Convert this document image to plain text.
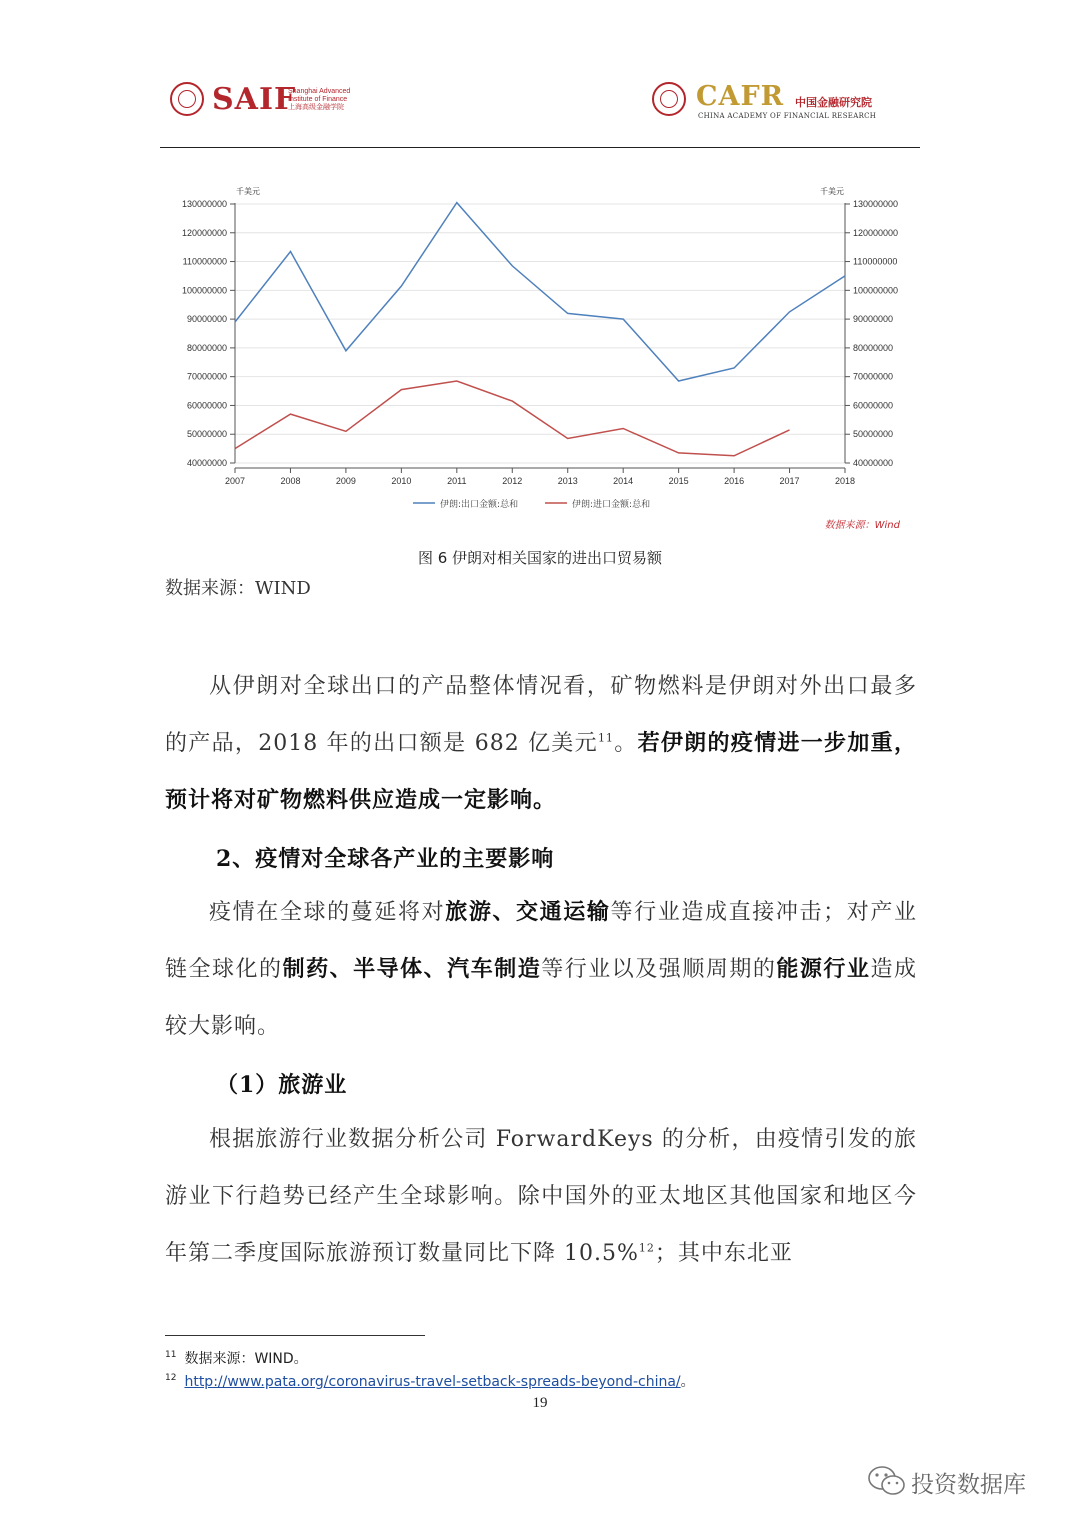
SAIF
Shanghai Advanced
Institute of Finance
上海高级金融学院	CAFR 中国金融研究院
CHINA ACADEMY OF FINANCIAL RESEARCH
千美元	千美元
40000000	40000000
50000000	50000000
60000000	60000000
70000000	70000000
80000000	80000000
90000000	90000000
100000000	100000000
110000000	110000000
120000000	120000000
130000000	130000000
2007	2008	2009	2010	2011	2012	2013	2014	2015	2016	2017	2018
伊朗:出口金额:总和	伊朗:进口金额:总和
数据来源：Wind
图 6 伊朗对相关国家的进出口贸易额
数据来源：WIND
从伊朗对全球出口的产品整体情况看，矿物燃料是伊朗对外出口最多的产品，2018 年的出口额是 682 亿美元$^{11}$。若伊朗的疫情进一步加重，预计将对矿物燃料供应造成一定影响。
2、疫情对全球各产业的主要影响
疫情在全球的蔓延将对旅游、交通运输等行业造成直接冲击；对产业链全球化的制药、半导体、汽车制造等行业以及强顺周期的能源行业造成较大影响。
（1）旅游业
根据旅游行业数据分析公司 ForwardKeys 的分析，由疫情引发的旅游业下行趋势已经产生全球影响。除中国外的亚太地区其他国家和地区今年第二季度国际旅游预订数量同比下降 10.5%$^{12}$；其中东北亚
$^{11}$ 数据来源：WIND。
$^{12}$ http://www.pata.org/coronavirus-travel-setback-spreads-beyond-china/。
19
投资数据库
